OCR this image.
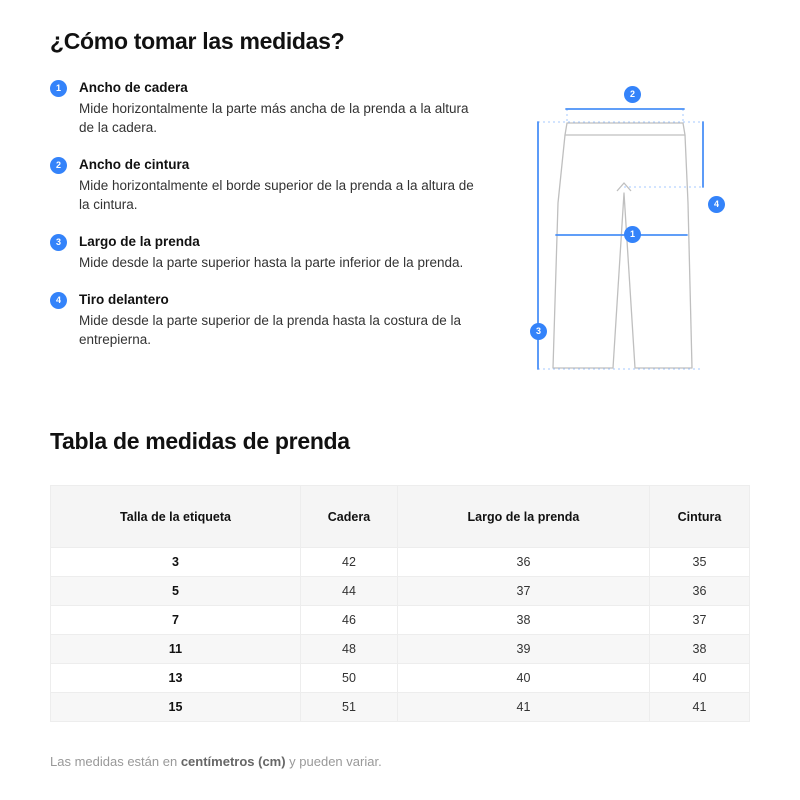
¿Cómo tomar las medidas?
1	Ancho de cadera
Mide horizontalmente la parte más ancha de la prenda a la altura de la cadera.
2	Ancho de cintura
Mide horizontalmente el borde superior de la prenda a la altura de la cintura.
3	Largo de la prenda
Mide desde la parte superior hasta la parte inferior de la prenda.
4	Tiro delantero
Mide desde la parte superior de la prenda hasta la costura de la entrepierna.
2
1
4
3
Tabla de medidas de prenda
Talla de la etiqueta	Cadera	Largo de la prenda	Cintura
3	42	36	35
5	44	37	36
7	46	38	37
11	48	39	38
13	50	40	40
15	51	41	41
Las medidas están en centímetros (cm) y pueden variar.
